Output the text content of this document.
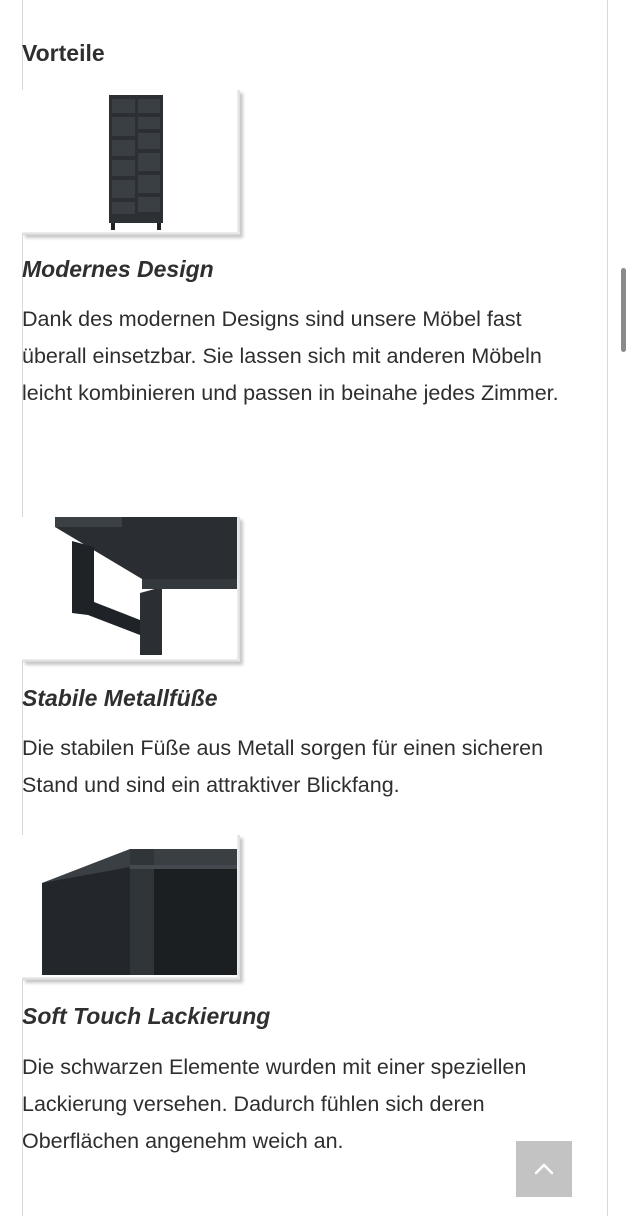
Vorteile
Modernes Design

Dank des modernen Designs sind unsere Möbel fast überall einsetzbar. Sie lassen sich mit anderen Möbeln leicht kombinieren und passen in beinahe jedes Zimmer.

Stabile Metallfüße

Die stabilen Füße aus Metall sorgen für einen sicheren Stand und sind ein attraktiver Blickfang.

Soft Touch Lackierung

Die schwarzen Elemente wurden mit einer speziellen Lackierung versehen. Dadurch fühlen sich deren Oberflächen angenehm weich an.
